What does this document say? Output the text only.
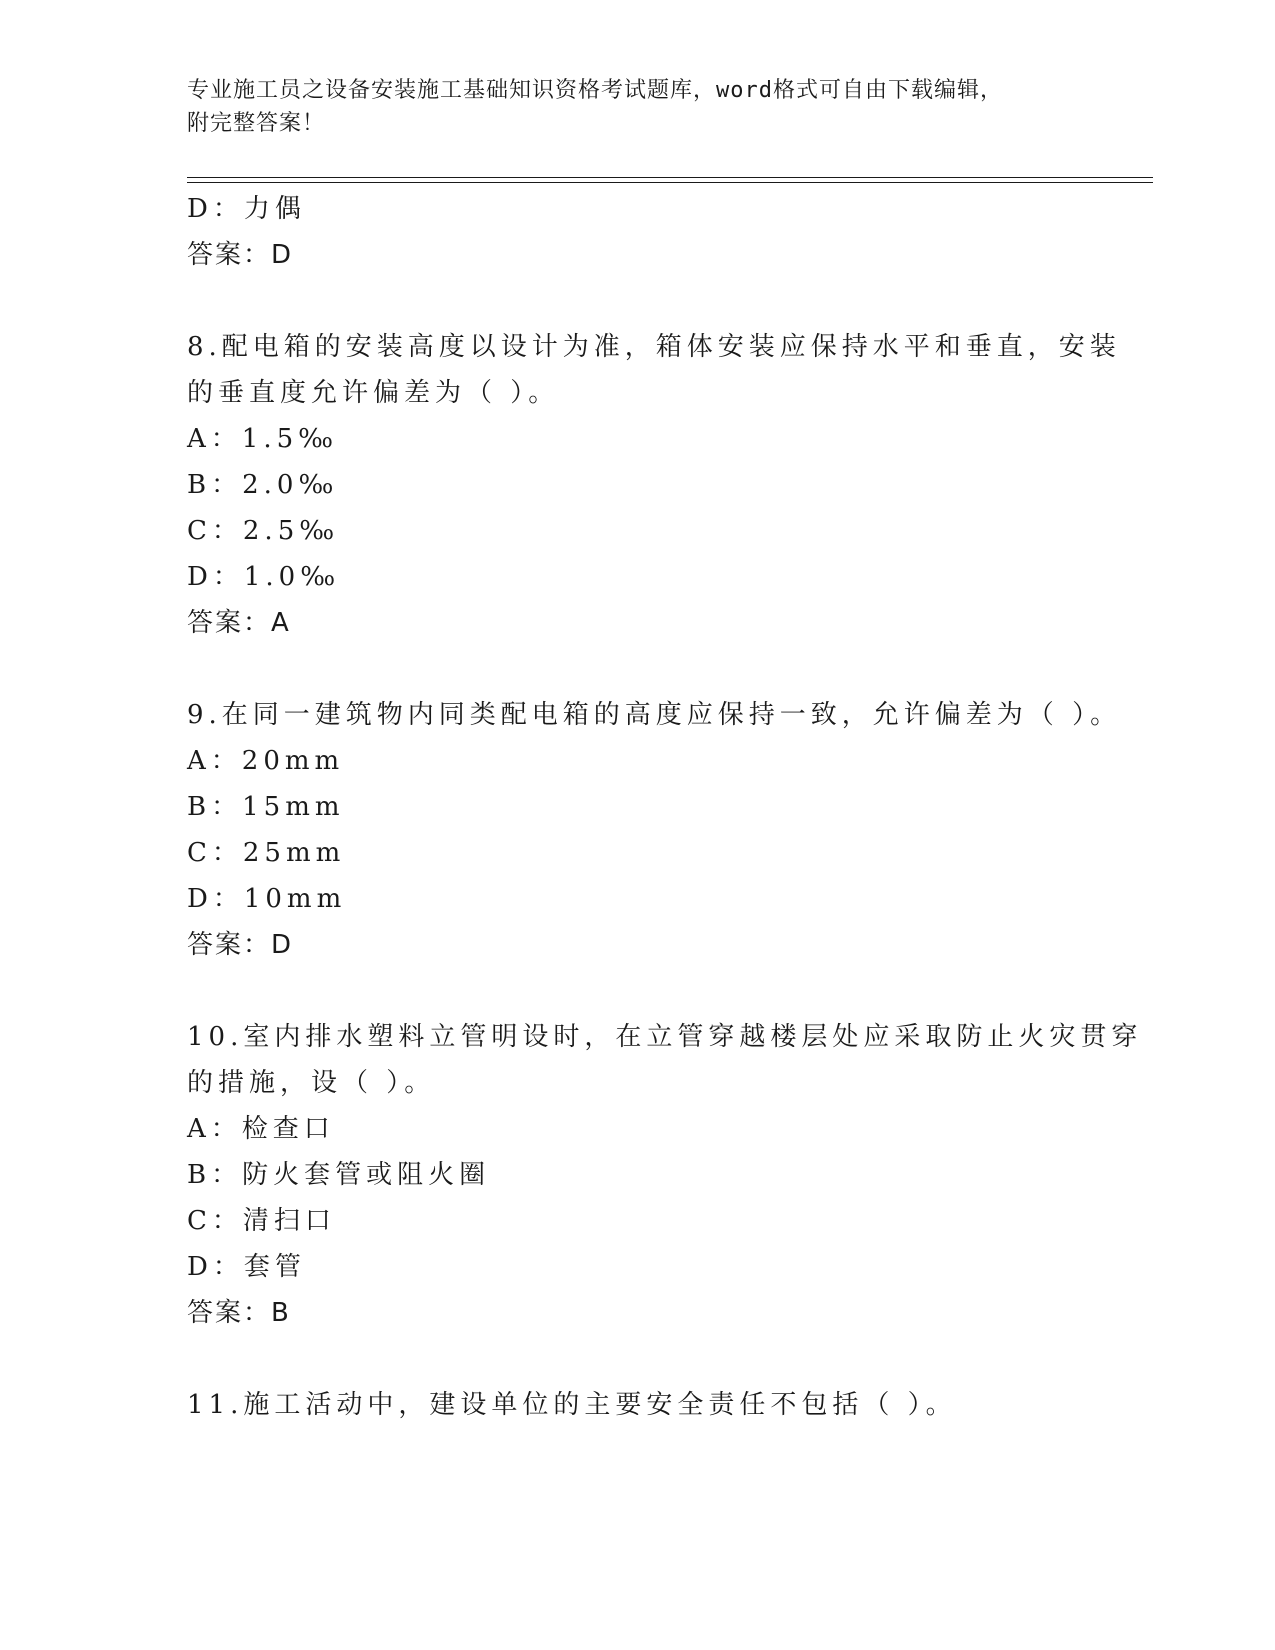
专业施工员之设备安装施工基础知识资格考试题库，word格式可自由下载编辑，
附完整答案！
D：力偶
答案：D
8.配电箱的安装高度以设计为准，箱体安装应保持水平和垂直，安装
的垂直度允许偏差为（ ）。
A：1.5‰
B：2.0‰
C：2.5‰
D：1.0‰
答案：A
9.在同一建筑物内同类配电箱的高度应保持一致，允许偏差为（ ）。
A：20mm
B：15mm
C：25mm
D：10mm
答案：D
10.室内排水塑料立管明设时，在立管穿越楼层处应采取防止火灾贯穿
的措施，设（ ）。
A：检查口
B：防火套管或阻火圈
C：清扫口
D：套管
答案：B
11.施工活动中，建设单位的主要安全责任不包括（ ）。
